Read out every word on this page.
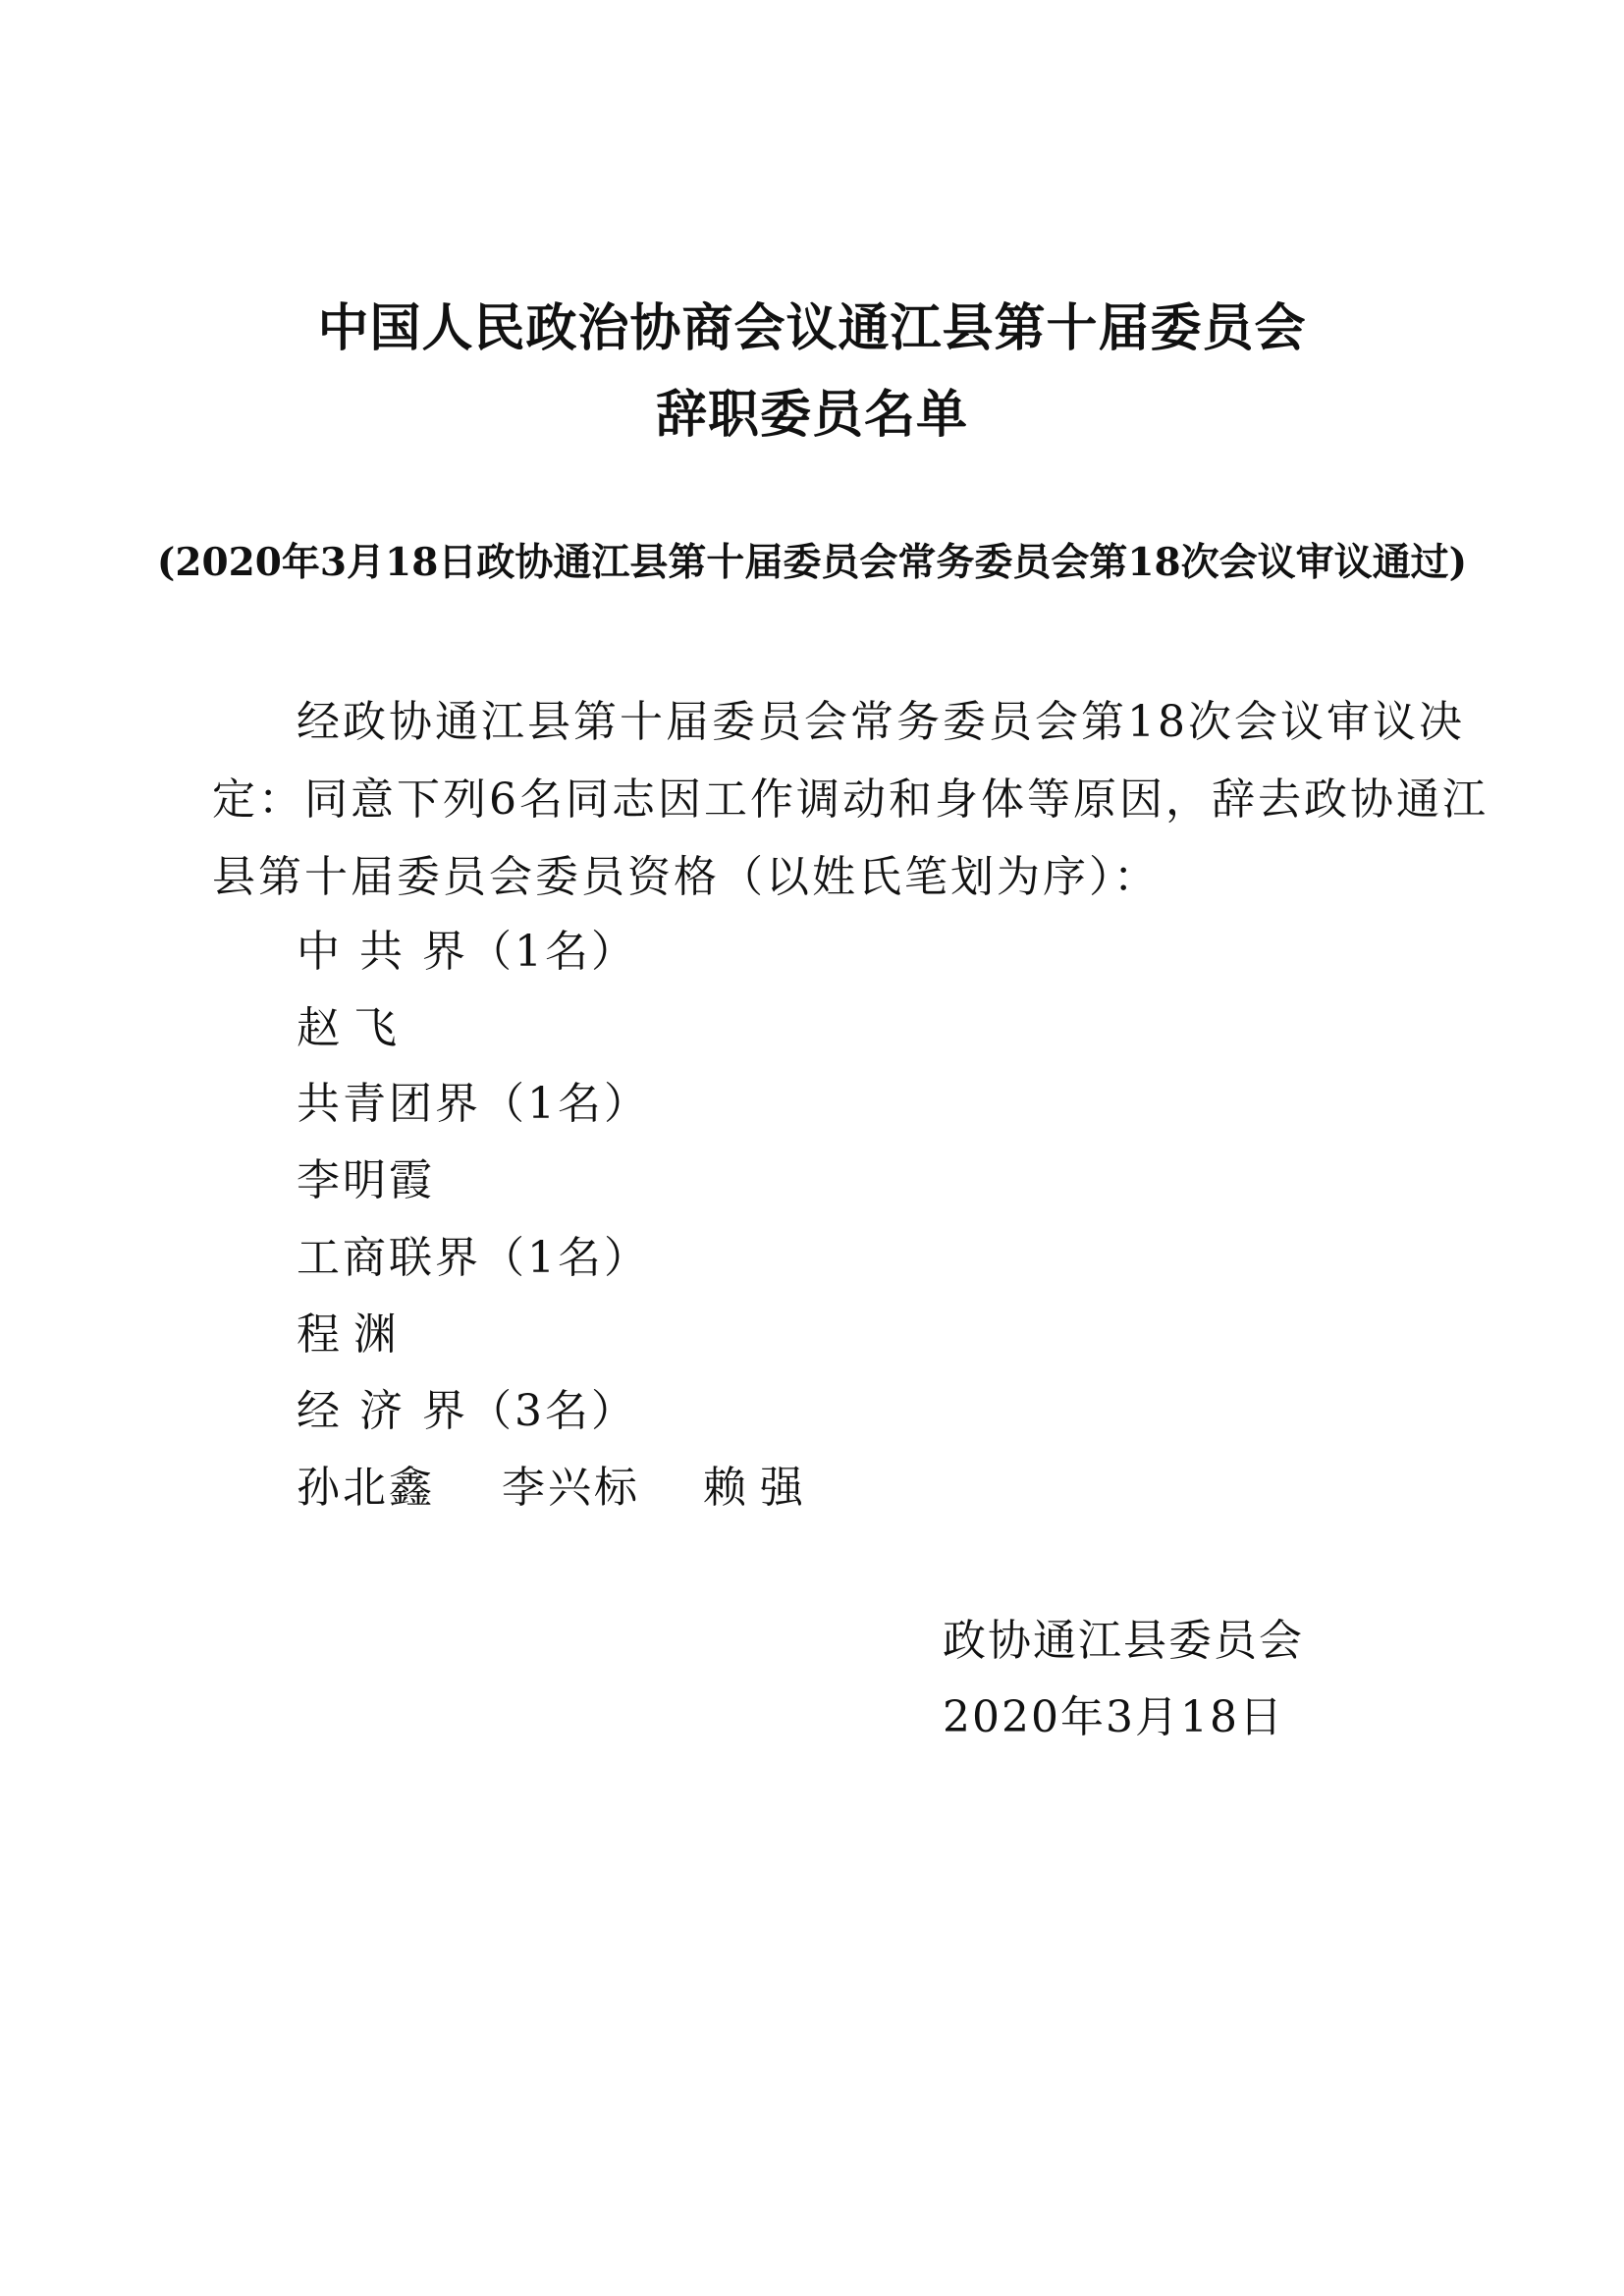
中国人民政治协商会议通江县第十届委员会
辞职委员名单
(2020年3月18日政协通江县第十届委员会常务委员会第18次会议审议通过)
经政协通江县第十届委员会常务委员会第18次会议审议决
定：同意下列6名同志因工作调动和身体等原因，辞去政协通江
县第十届委员会委员资格（以姓氏笔划为序）：
中 共 界（1名）
赵 飞
共青团界（1名）
李明霞
工商联界（1名）
程 渊
经 济 界（3名）
孙北鑫 李兴标 赖 强
政协通江县委员会
2020年3月18日
